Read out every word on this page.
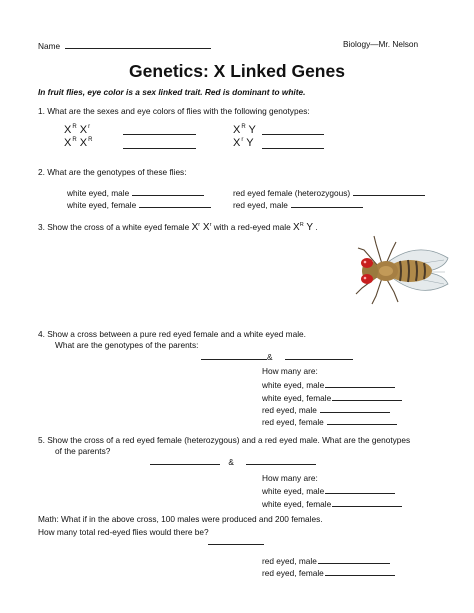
Name	Biology—Mr. Nelson
Genetics: X Linked Genes
In fruit flies, eye color is a sex linked trait. Red is dominant to white.
1. What are the sexes and eye colors of flies with the following genotypes:
$X^R$ $X^r$	$X^R$ Y
$X^R$ $X^R$	$X^r$ Y
2. What are the genotypes of these flies:
white eyed, male	red eyed female (heterozygous)
white eyed, female	red eyed, male
3. Show the cross of a white eyed female $X^r$ $X^r$ with a red-eyed male $X^R$ Y .
4. Show a cross between a pure red eyed female and a white eyed male.
What are the genotypes of the parents:
&
How many are:
white eyed, male
white eyed, female
red eyed, male
red eyed, female
5. Show the cross of a red eyed female (heterozygous) and a red eyed male. What are the genotypes
of the parents?
&
How many are:
white eyed, male
white eyed, female
Math: What if in the above cross, 100 males were produced and 200 females.
How many total red-eyed flies would there be?
red eyed, male
red eyed, female
